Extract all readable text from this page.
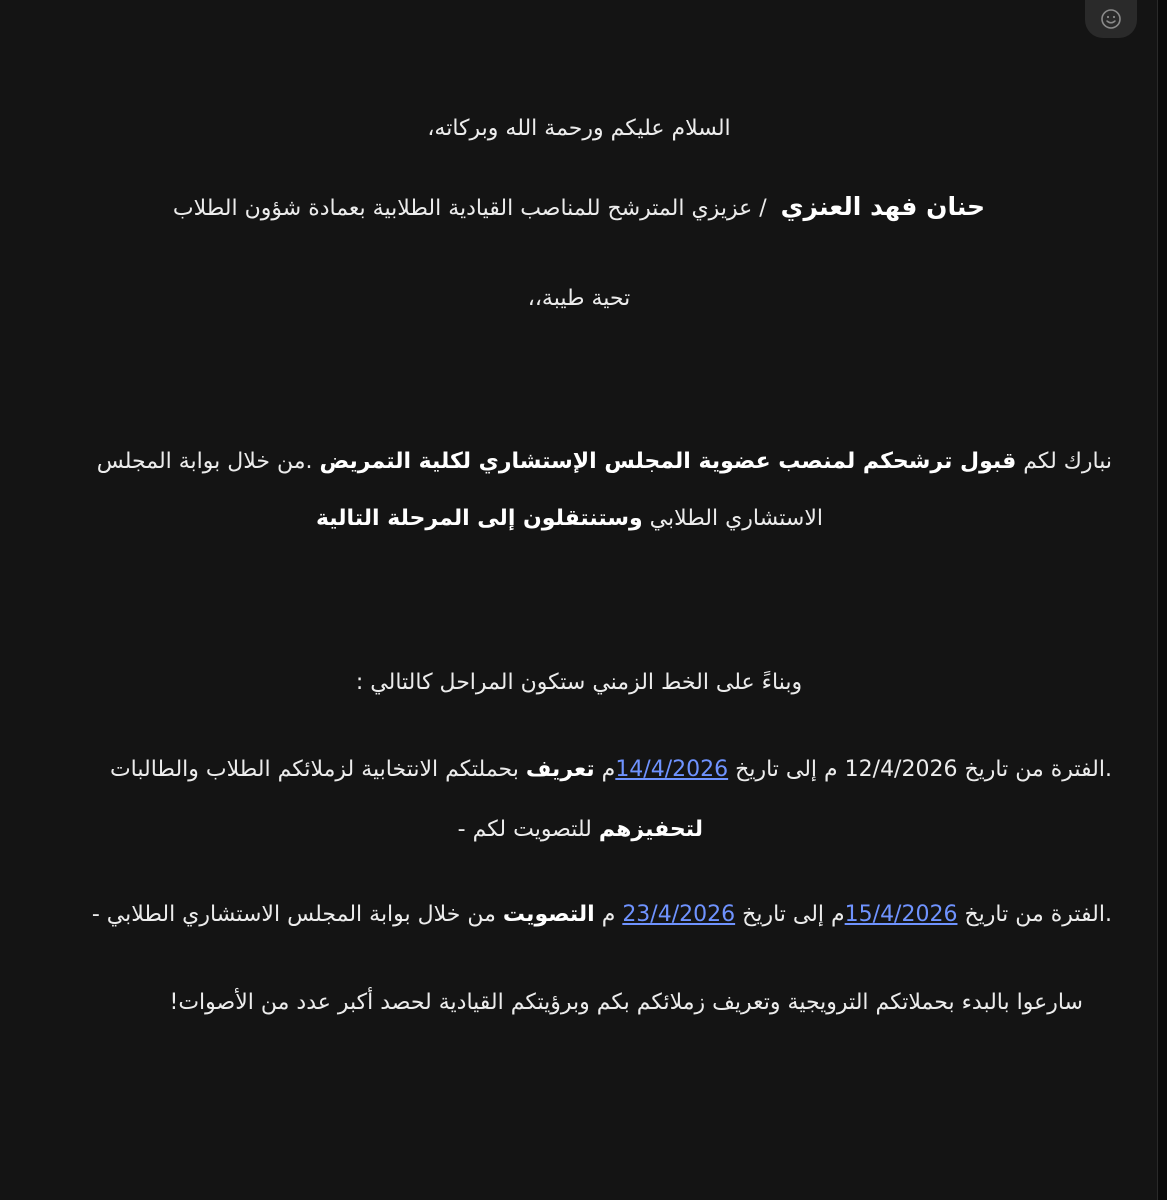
السلام عليكم ورحمة الله وبركاته،
حنان فهد العنزي  / عزيزي المترشح للمناصب القيادية الطلابية بعمادة شؤون الطلاب
تحية طيبة،،
نبارك لكم قبول ترشحكم لمنصب عضوية المجلس الإستشاري لكلية التمريض .من خلال بوابة المجلس
الاستشاري الطلابي وستنتقلون إلى المرحلة التالية
وبناءً على الخط الزمني ستكون المراحل كالتالي :
.الفترة من تاريخ 12/4/2026 م إلى تاريخ 14/4/2026م تعريف بحملتكم الانتخابية لزملائكم الطلاب والطالبات
لتحفيزهم للتصويت لكم -
.الفترة من تاريخ 15/4/2026م إلى تاريخ 23/4/2026 م التصويت من خلال بوابة المجلس الاستشاري الطلابي -
سارعوا بالبدء بحملاتكم الترويجية وتعريف زملائكم بكم وبرؤيتكم القيادية لحصد أكبر عدد من الأصوات!
